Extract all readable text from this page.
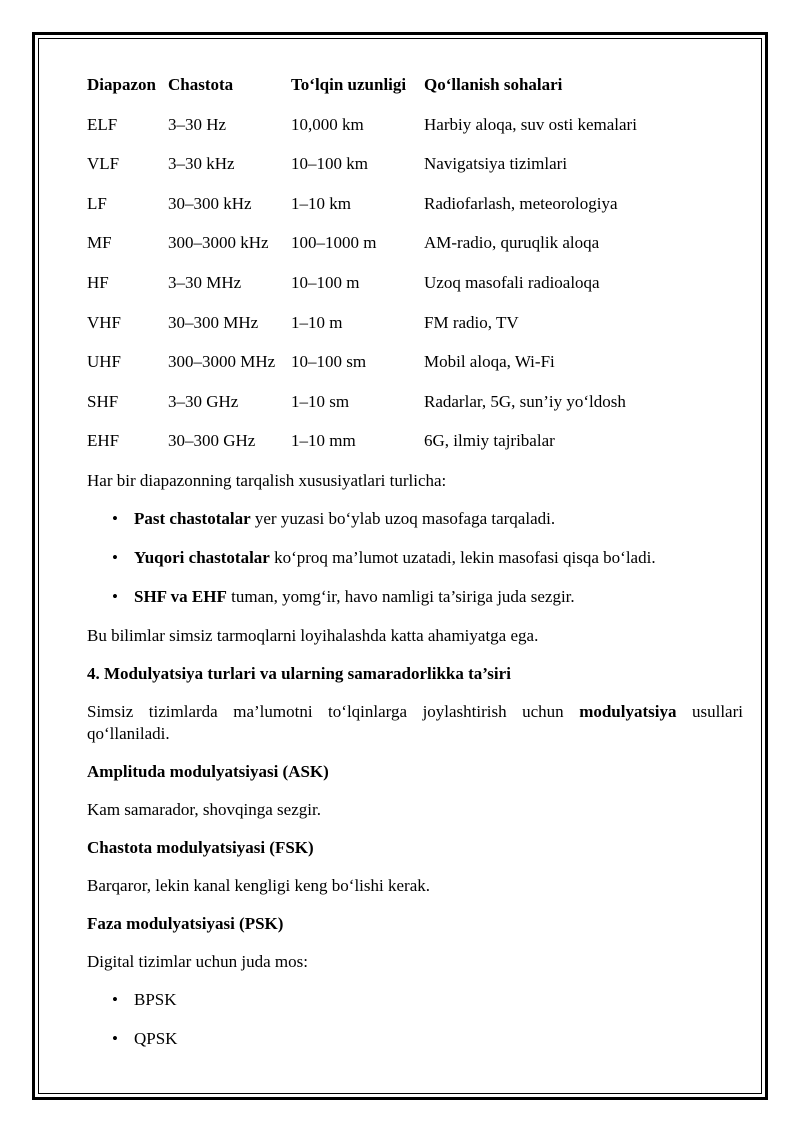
Diapazon	Chastota	To‘lqin uzunligi	Qo‘llanish sohalari
ELF	3–30 Hz	10,000 km	Harbiy aloqa, suv osti kemalari
VLF	3–30 kHz	10–100 km	Navigatsiya tizimlari
LF	30–300 kHz	1–10 km	Radiofarlash, meteorologiya
MF	300–3000 kHz	100–1000 m	AM-radio, quruqlik aloqa
HF	3–30 MHz	10–100 m	Uzoq masofali radioaloqa
VHF	30–300 MHz	1–10 m	FM radio, TV
UHF	300–3000 MHz	10–100 sm	Mobil aloqa, Wi-Fi
SHF	3–30 GHz	1–10 sm	Radarlar, 5G, sun’iy yo‘ldosh
EHF	30–300 GHz	1–10 mm	6G, ilmiy tajribalar

Har bir diapazonning tarqalish xususiyatlari turlicha:

• Past chastotalar yer yuzasi bo‘ylab uzoq masofaga tarqaladi.
• Yuqori chastotalar ko‘proq ma’lumot uzatadi, lekin masofasi qisqa bo‘ladi.
• SHF va EHF tuman, yomg‘ir, havo namligi ta’siriga juda sezgir.

Bu bilimlar simsiz tarmoqlarni loyihalashda katta ahamiyatga ega.

4. Modulyatsiya turlari va ularning samaradorlikka ta’siri

Simsiz tizimlarda ma’lumotni to‘lqinlarga joylashtirish uchun modulyatsiya usullari qo‘llaniladi.

Amplituda modulyatsiyasi (ASK)

Kam samarador, shovqinga sezgir.

Chastota modulyatsiyasi (FSK)

Barqaror, lekin kanal kengligi keng bo‘lishi kerak.

Faza modulyatsiyasi (PSK)

Digital tizimlar uchun juda mos:

• BPSK
• QPSK
